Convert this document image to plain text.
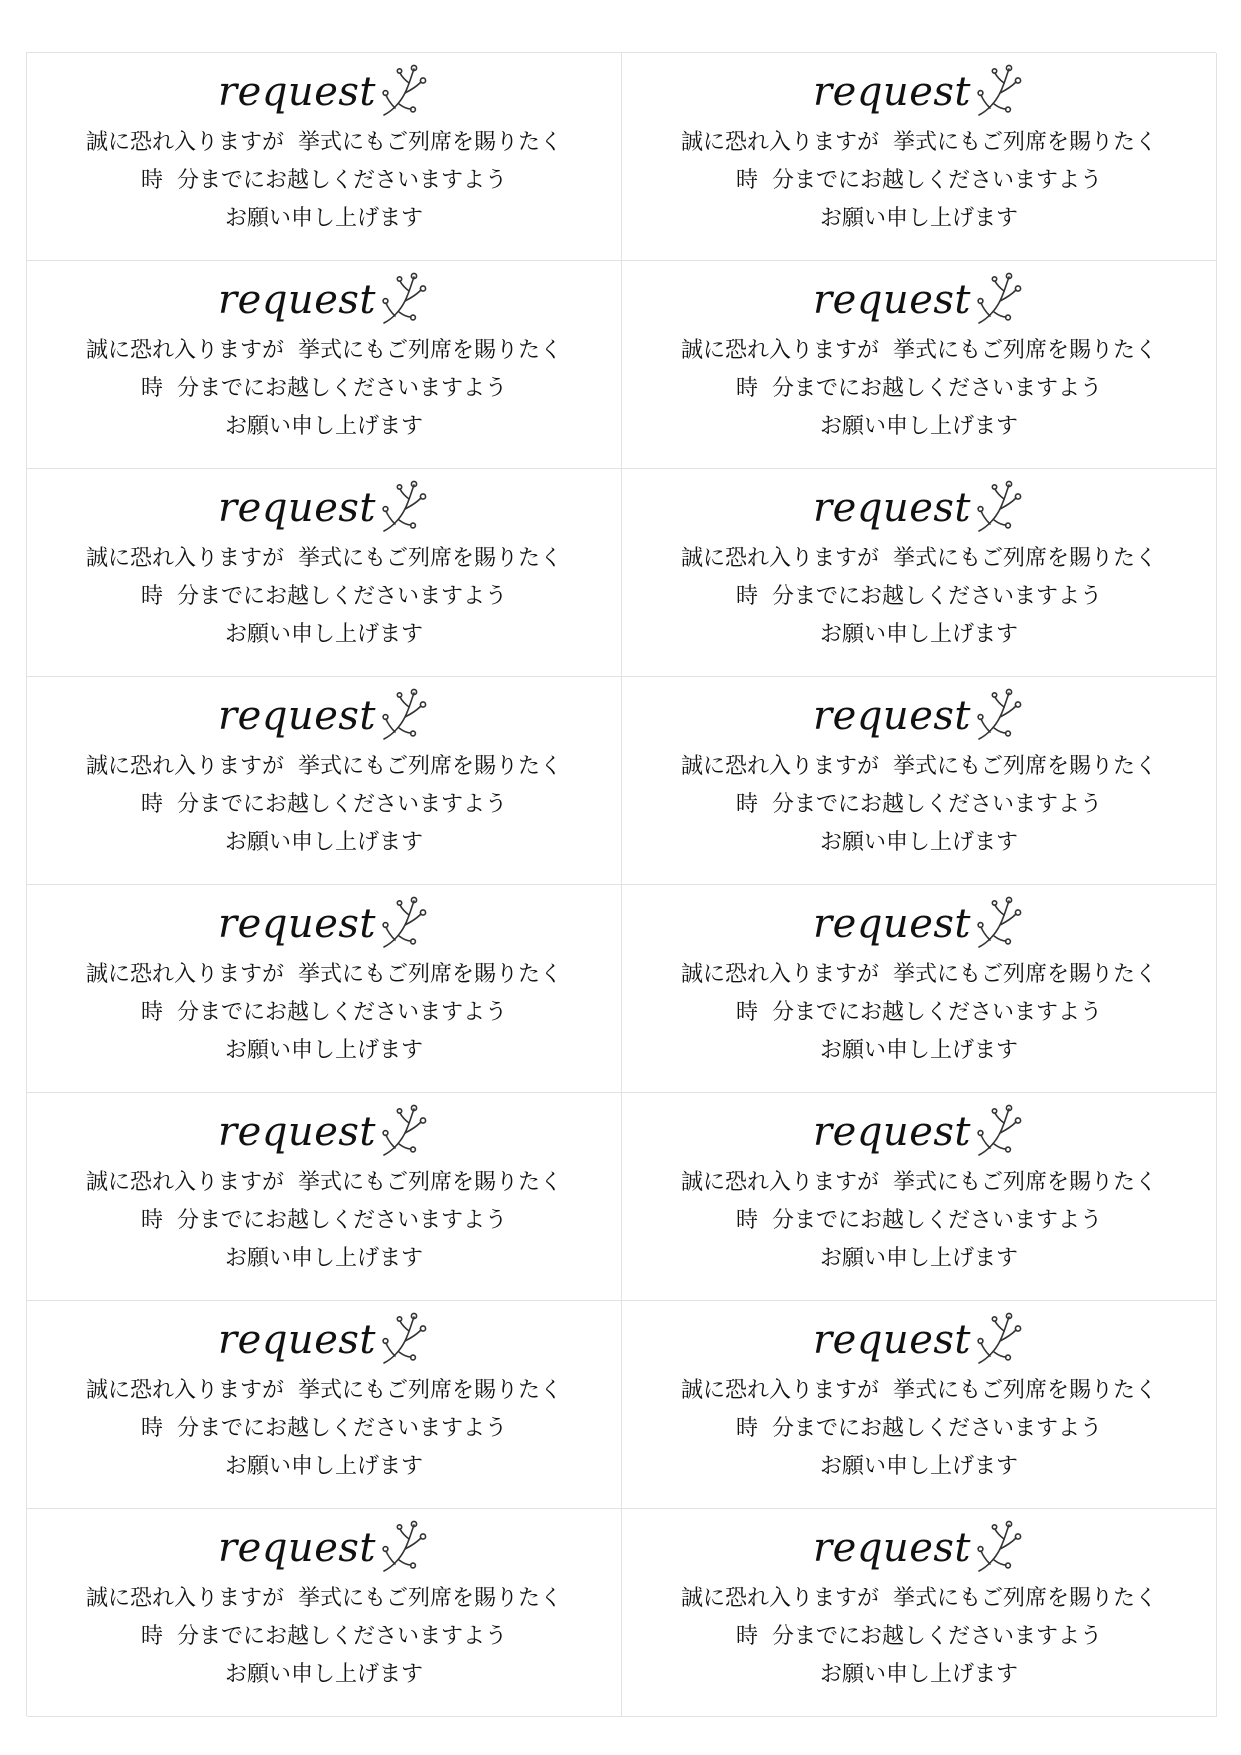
request
誠に恐れ入りますが  挙式にもご列席を賜りたく
時  分までにお越しくださいますよう
お願い申し上げます
request
誠に恐れ入りますが  挙式にもご列席を賜りたく
時  分までにお越しくださいますよう
お願い申し上げます
request
誠に恐れ入りますが  挙式にもご列席を賜りたく
時  分までにお越しくださいますよう
お願い申し上げます
request
誠に恐れ入りますが  挙式にもご列席を賜りたく
時  分までにお越しくださいますよう
お願い申し上げます
request
誠に恐れ入りますが  挙式にもご列席を賜りたく
時  分までにお越しくださいますよう
お願い申し上げます
request
誠に恐れ入りますが  挙式にもご列席を賜りたく
時  分までにお越しくださいますよう
お願い申し上げます
request
誠に恐れ入りますが  挙式にもご列席を賜りたく
時  分までにお越しくださいますよう
お願い申し上げます
request
誠に恐れ入りますが  挙式にもご列席を賜りたく
時  分までにお越しくださいますよう
お願い申し上げます
request
誠に恐れ入りますが  挙式にもご列席を賜りたく
時  分までにお越しくださいますよう
お願い申し上げます
request
誠に恐れ入りますが  挙式にもご列席を賜りたく
時  分までにお越しくださいますよう
お願い申し上げます
request
誠に恐れ入りますが  挙式にもご列席を賜りたく
時  分までにお越しくださいますよう
お願い申し上げます
request
誠に恐れ入りますが  挙式にもご列席を賜りたく
時  分までにお越しくださいますよう
お願い申し上げます
request
誠に恐れ入りますが  挙式にもご列席を賜りたく
時  分までにお越しくださいますよう
お願い申し上げます
request
誠に恐れ入りますが  挙式にもご列席を賜りたく
時  分までにお越しくださいますよう
お願い申し上げます
request
誠に恐れ入りますが  挙式にもご列席を賜りたく
時  分までにお越しくださいますよう
お願い申し上げます
request
誠に恐れ入りますが  挙式にもご列席を賜りたく
時  分までにお越しくださいますよう
お願い申し上げます
